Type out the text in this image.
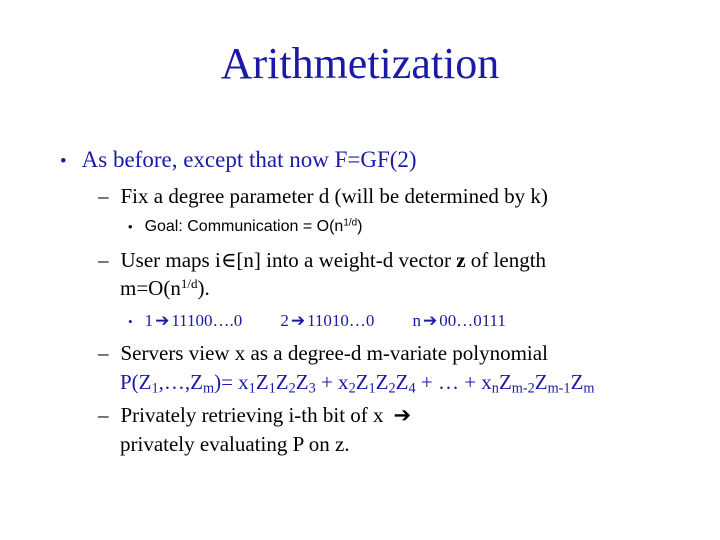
Arithmetization
• As before, except that now F=GF(2)
– Fix a degree parameter d (will be determined by k)
• Goal: Communication = $O(n^{1/d})$
– User maps i∈[n] into a weight-d vector z of length
$m=O(n^{1/d})$.
• 1 ➔ 11100….0 2 ➔ 11010…0 n ➔ 00…0111
– Servers view x as a degree-d m-variate polynomial
$P(Z_1,\dots,Z_m)= x_1Z_1Z_2Z_3 + x_2Z_1Z_2Z_4$ + … + $x_nZ_{m-2}Z_{m-1}Z_m$
– Privately retrieving i-th bit of x ➔
privately evaluating P on z.
